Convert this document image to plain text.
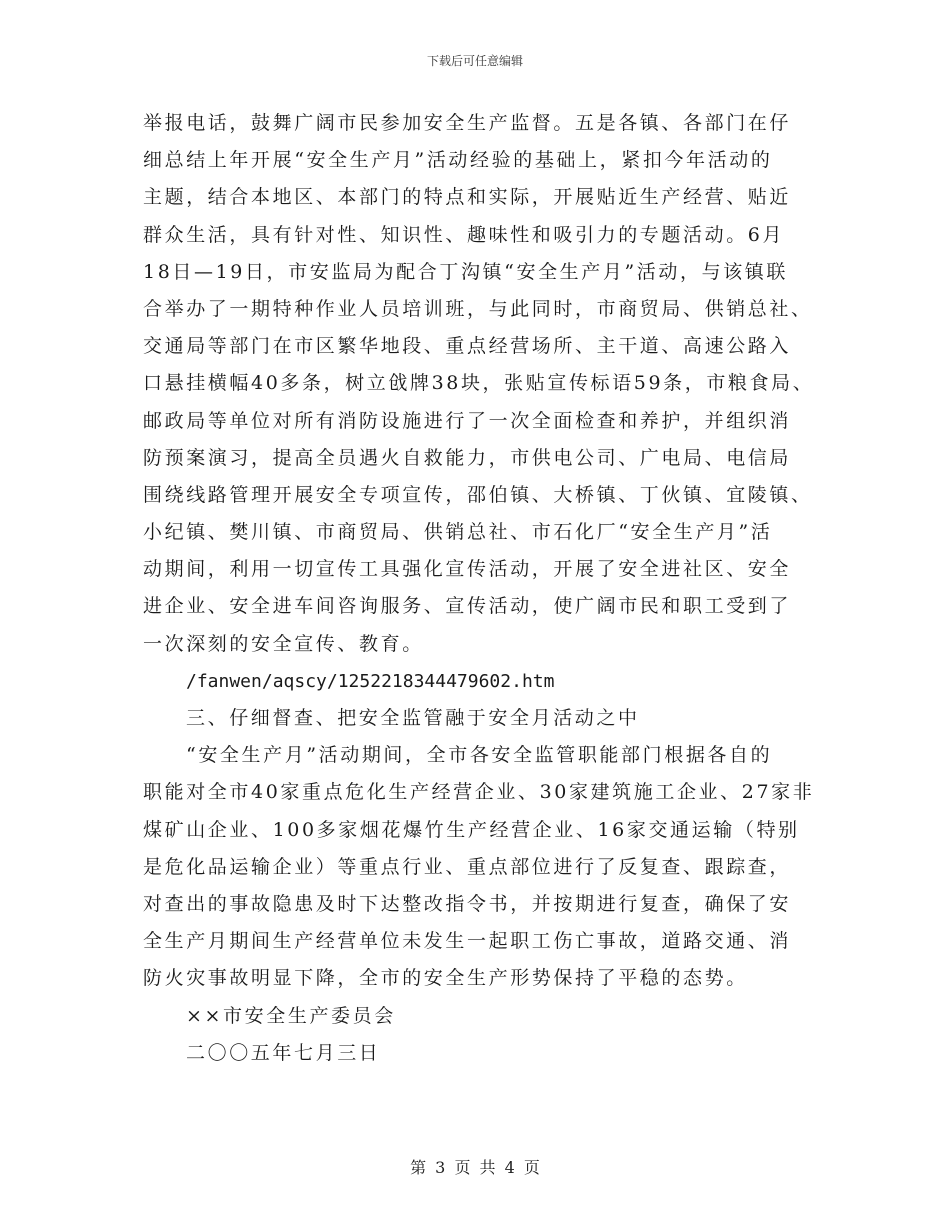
下载后可任意编辑
举报电话，鼓舞广阔市民参加安全生产监督。五是各镇、各部门在仔
细总结上年开展“安全生产月”活动经验的基础上，紧扣今年活动的
主题，结合本地区、本部门的特点和实际，开展贴近生产经营、贴近
群众生活，具有针对性、知识性、趣味性和吸引力的专题活动。6月
18日—19日，市安监局为配合丁沟镇“安全生产月”活动，与该镇联
合举办了一期特种作业人员培训班，与此同时，市商贸局、供销总社、
交通局等部门在市区繁华地段、重点经营场所、主干道、高速公路入
口悬挂横幅40多条，树立戗牌38块，张贴宣传标语59条，市粮食局、
邮政局等单位对所有消防设施进行了一次全面检查和养护，并组织消
防预案演习，提高全员遇火自救能力，市供电公司、广电局、电信局
围绕线路管理开展安全专项宣传，邵伯镇、大桥镇、丁伙镇、宜陵镇、
小纪镇、樊川镇、市商贸局、供销总社、市石化厂“安全生产月”活
动期间，利用一切宣传工具强化宣传活动，开展了安全进社区、安全
进企业、安全进车间咨询服务、宣传活动，使广阔市民和职工受到了
一次深刻的安全宣传、教育。
/fanwen/aqscy/1252218344479602.htm
三、仔细督查、把安全监管融于安全月活动之中
“安全生产月”活动期间，全市各安全监管职能部门根据各自的
职能对全市40家重点危化生产经营企业、30家建筑施工企业、27家非
煤矿山企业、100多家烟花爆竹生产经营企业、16家交通运输（特别
是危化品运输企业）等重点行业、重点部位进行了反复查、跟踪查，
对查出的事故隐患及时下达整改指令书，并按期进行复查，确保了安
全生产月期间生产经营单位未发生一起职工伤亡事故，道路交通、消
防火灾事故明显下降，全市的安全生产形势保持了平稳的态势。
××市安全生产委员会
二〇〇五年七月三日
第 3 页 共 4 页
